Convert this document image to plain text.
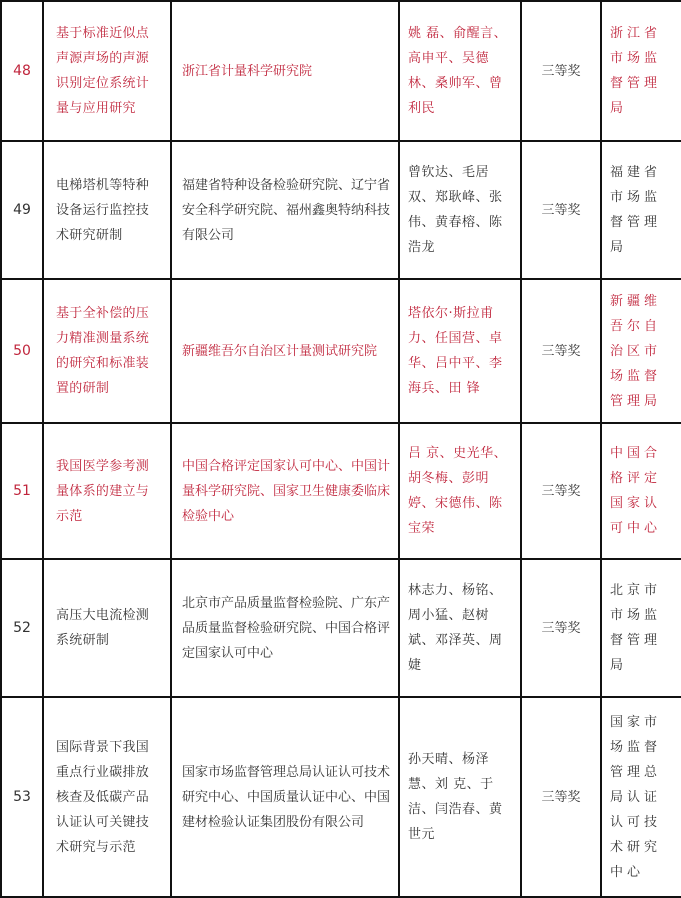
48	基于标准近似点声源声场的声源识别定位系统计量与应用研究	浙江省计量科学研究院	姚 磊、俞醒言、高申平、吴德林、桑帅军、曾利民	三等奖	浙江省市场监督管理局

49	电梯塔机等特种设备运行监控技术研究研制	福建省特种设备检验研究院、辽宁省安全科学研究院、福州鑫奥特纳科技有限公司	曾钦达、毛居双、郑耿峰、张 伟、黄春榕、陈浩龙	三等奖	福建省市场监督管理局

50	基于全补偿的压力精准测量系统的研究和标准装置的研制	新疆维吾尔自治区计量测试研究院	塔依尔·斯拉甫力、任国营、卓华、吕中平、李海兵、田 锋	三等奖	新疆维吾尔自治区市场监督管理局

51	我国医学参考测量体系的建立与示范	中国合格评定国家认可中心、中国计量科学研究院、国家卫生健康委临床检验中心	吕 京、史光华、胡冬梅、彭明婷、宋德伟、陈宝荣	三等奖	中国合格评定国家认可中心

52	高压大电流检测系统研制	北京市产品质量监督检验院、广东产品质量监督检验研究院、中国合格评定国家认可中心	林志力、杨铭、周小猛、赵树斌、邓泽英、周 婕	三等奖	北京市市场监督管理局

53	国际背景下我国重点行业碳排放核查及低碳产品认证认可关键技术研究与示范	国家市场监督管理总局认证认可技术研究中心、中国质量认证中心、中国建材检验认证集团股份有限公司	孙天晴、杨泽慧、刘 克、于 洁、闫浩春、黄世元	三等奖	国家市场监督管理总局认证认可技术研究中心
